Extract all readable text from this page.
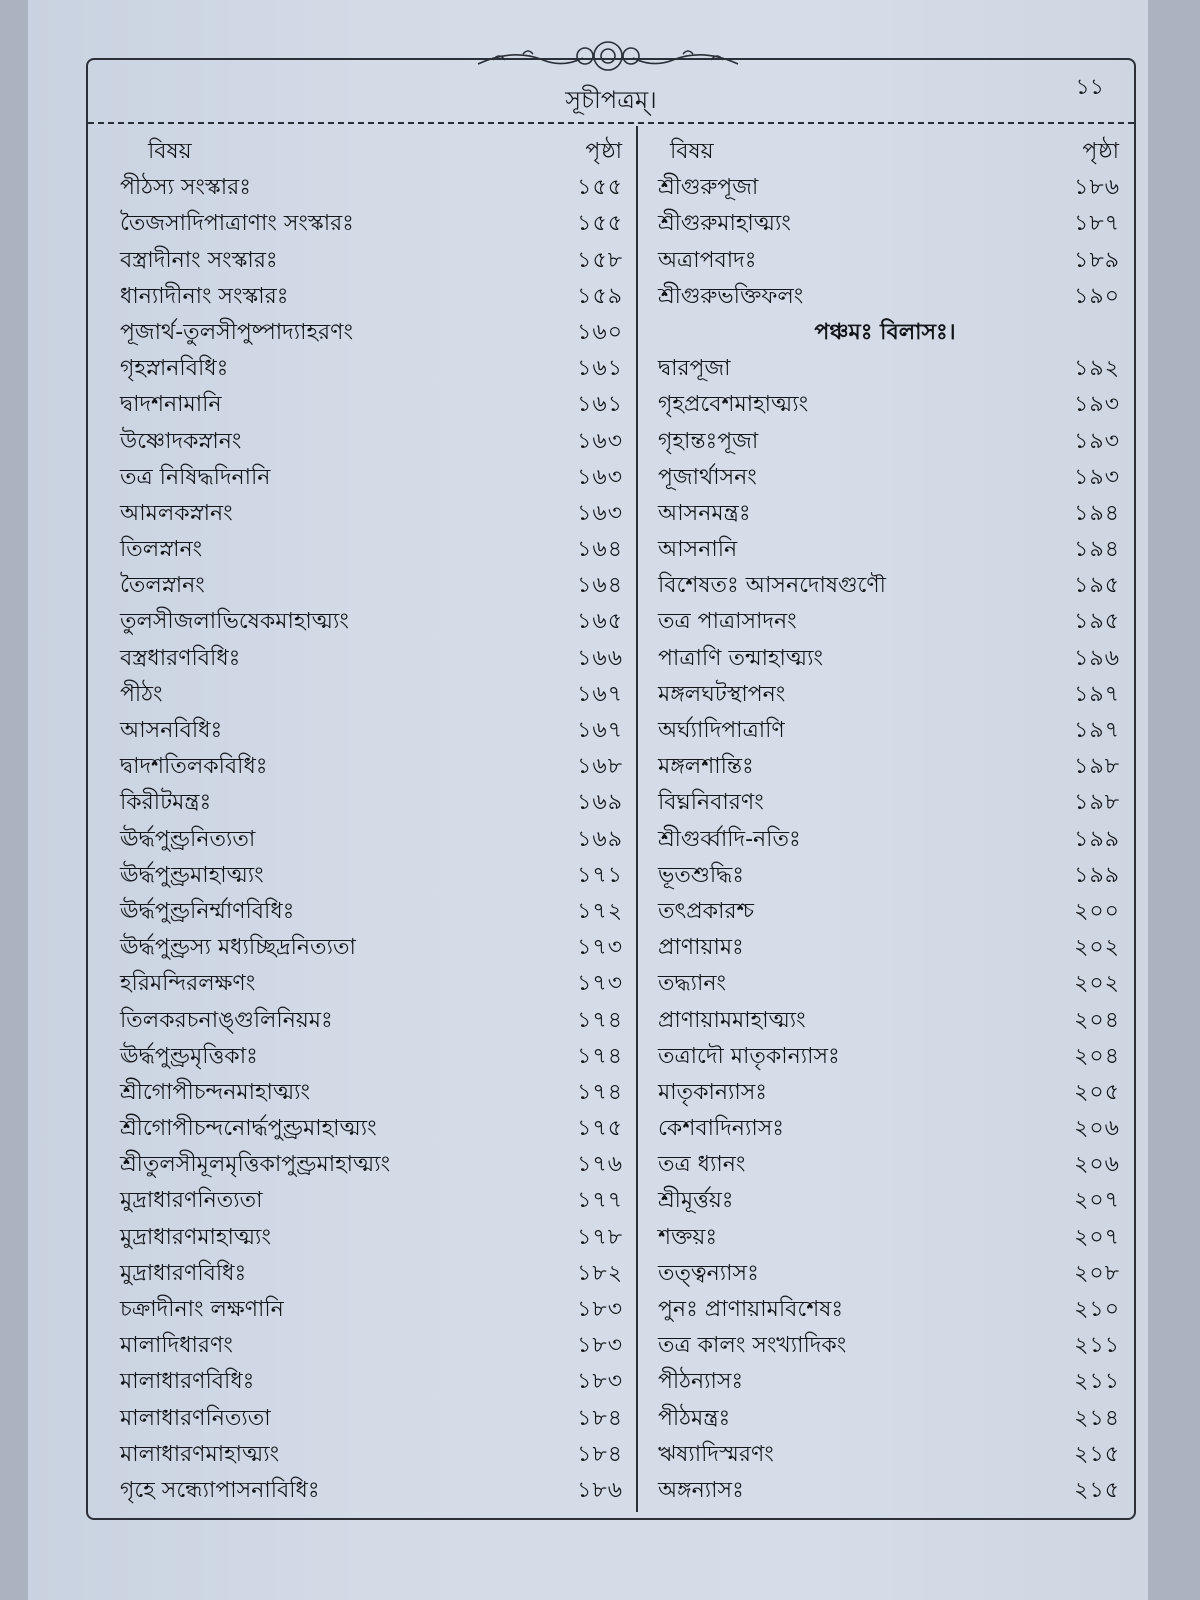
সূচীপত্রম্।	১১
বিষয়	পৃষ্ঠা
পীঠস্য সংস্কারঃ	১৫৫
তৈজসাদিপাত্রাণাং সংস্কারঃ	১৫৫
বস্ত্রাদীনাং সংস্কারঃ	১৫৮
ধান্যাদীনাং সংস্কারঃ	১৫৯
পূজার্থ-তুলসীপুষ্পাদ্যাহরণং	১৬০
গৃহস্নানবিধিঃ	১৬১
দ্বাদশনামানি	১৬১
উষ্ণোদকস্নানং	১৬৩
তত্র নিষিদ্ধদিনানি	১৬৩
আমলকস্নানং	১৬৩
তিলস্নানং	১৬৪
তৈলস্নানং	১৬৪
তুলসীজলাভিষেকমাহাত্ম্যং	১৬৫
বস্ত্রধারণবিধিঃ	১৬৬
পীঠং	১৬৭
আসনবিধিঃ	১৬৭
দ্বাদশতিলকবিধিঃ	১৬৮
কিরীটমন্ত্রঃ	১৬৯
ঊর্দ্ধপুণ্ড্রনিত্যতা	১৬৯
ঊর্দ্ধপুণ্ড্রমাহাত্ম্যং	১৭১
ঊর্দ্ধপুণ্ড্রনির্ম্মাণবিধিঃ	১৭২
ঊর্দ্ধপুণ্ড্রস্য মধ্যচ্ছিদ্রনিত্যতা	১৭৩
হরিমন্দিরলক্ষণং	১৭৩
তিলকরচনাঙ্গুলিনিয়মঃ	১৭৪
ঊর্দ্ধপুণ্ড্রমৃত্তিকাঃ	১৭৪
শ্রীগোপীচন্দনমাহাত্ম্যং	১৭৪
শ্রীগোপীচন্দনোর্দ্ধপুণ্ড্রমাহাত্ম্যং	১৭৫
শ্রীতুলসীমূলমৃত্তিকাপুণ্ড্রমাহাত্ম্যং	১৭৬
মুদ্রাধারণনিত্যতা	১৭৭
মুদ্রাধারণমাহাত্ম্যং	১৭৮
মুদ্রাধারণবিধিঃ	১৮২
চক্রাদীনাং লক্ষণানি	১৮৩
মালাদিধারণং	১৮৩
মালাধারণবিধিঃ	১৮৩
মালাধারণনিত্যতা	১৮৪
মালাধারণমাহাত্ম্যং	১৮৪
গৃহে সন্ধ্যোপাসনাবিধিঃ	১৮৬
বিষয়	পৃষ্ঠা
শ্রীগুরুপূজা	১৮৬
শ্রীগুরুমাহাত্ম্যং	১৮৭
অত্রাপবাদঃ	১৮৯
শ্রীগুরুভক্তিফলং	১৯০
পঞ্চমঃ বিলাসঃ।
দ্বারপূজা	১৯২
গৃহপ্রবেশমাহাত্ম্যং	১৯৩
গৃহান্তঃপূজা	১৯৩
পূজার্থাসনং	১৯৩
আসনমন্ত্রঃ	১৯৪
আসনানি	১৯৪
বিশেষতঃ আসনদোষগুণৌ	১৯৫
তত্র পাত্রাসাদনং	১৯৫
পাত্রাণি তন্মাহাত্ম্যং	১৯৬
মঙ্গলঘটস্থাপনং	১৯৭
অর্ঘ্যাদিপাত্রাণি	১৯৭
মঙ্গলশান্তিঃ	১৯৮
বিঘ্ননিবারণং	১৯৮
শ্রীগুর্ব্বাদি-নতিঃ	১৯৯
ভূতশুদ্ধিঃ	১৯৯
তৎপ্রকারশ্চ	২০০
প্রাণায়ামঃ	২০২
তদ্ধ্যানং	২০২
প্রাণায়ামমাহাত্ম্যং	২০৪
তত্রাদৌ মাতৃকান্যাসঃ	২০৪
মাতৃকান্যাসঃ	২০৫
কেশবাদিন্যাসঃ	২০৬
তত্র ধ্যানং	২০৬
শ্রীমূর্ত্তয়ঃ	২০৭
শক্তয়ঃ	২০৭
তত্ত্বন্যাসঃ	২০৮
পুনঃ প্রাণায়ামবিশেষঃ	২১০
তত্র কালং সংখ্যাদিকং	২১১
পীঠন্যাসঃ	২১১
পীঠমন্ত্রঃ	২১৪
ঋষ্যাদিস্মরণং	২১৫
অঙ্গন্যাসঃ	২১৫
